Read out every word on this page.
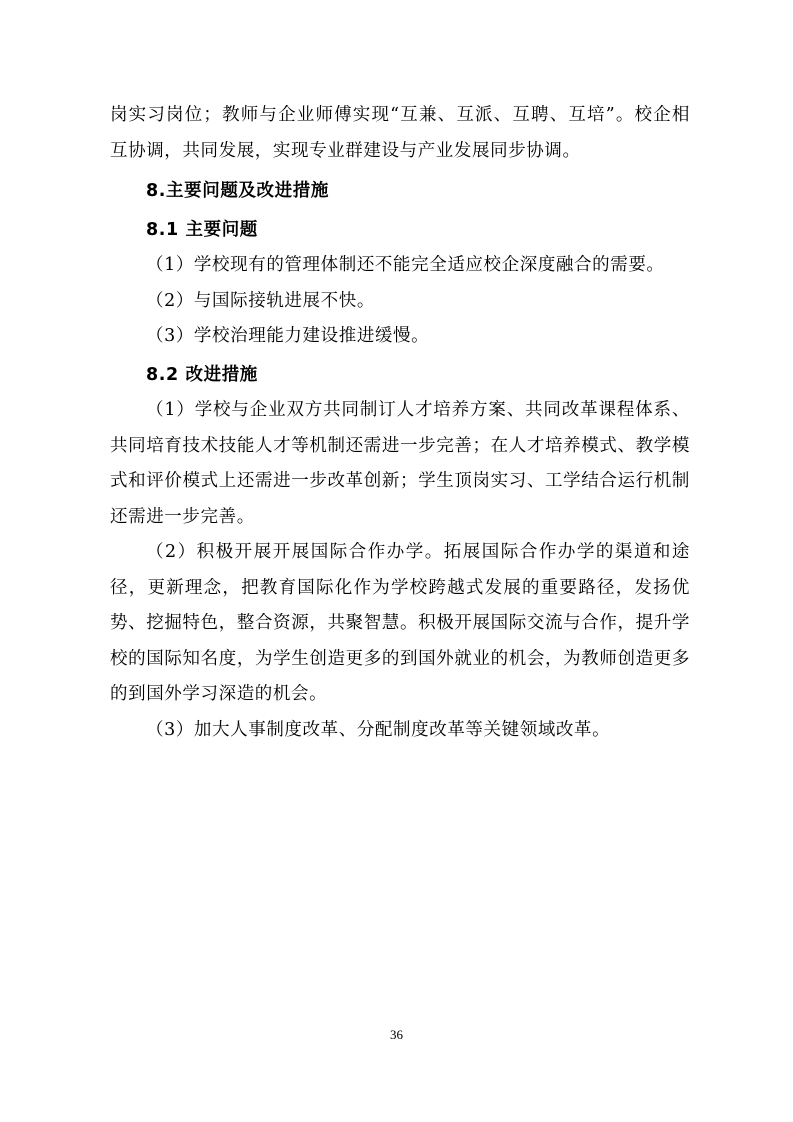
岗实习岗位；教师与企业师傅实现“互兼、互派、互聘、互培”。校企相互协调，共同发展，实现专业群建设与产业发展同步协调。

8.主要问题及改进措施
8.1 主要问题

（1）学校现有的管理体制还不能完全适应校企深度融合的需要。

（2）与国际接轨进展不快。

（3）学校治理能力建设推进缓慢。

8.2 改进措施

（1）学校与企业双方共同制订人才培养方案、共同改革课程体系、共同培育技术技能人才等机制还需进一步完善；在人才培养模式、教学模式和评价模式上还需进一步改革创新；学生顶岗实习、工学结合运行机制还需进一步完善。

（2）积极开展开展国际合作办学。拓展国际合作办学的渠道和途径，更新理念，把教育国际化作为学校跨越式发展的重要路径，发扬优势、挖掘特色，整合资源，共聚智慧。积极开展国际交流与合作，提升学校的国际知名度，为学生创造更多的到国外就业的机会，为教师创造更多的到国外学习深造的机会。

（3）加大人事制度改革、分配制度改革等关键领域改革。

36
